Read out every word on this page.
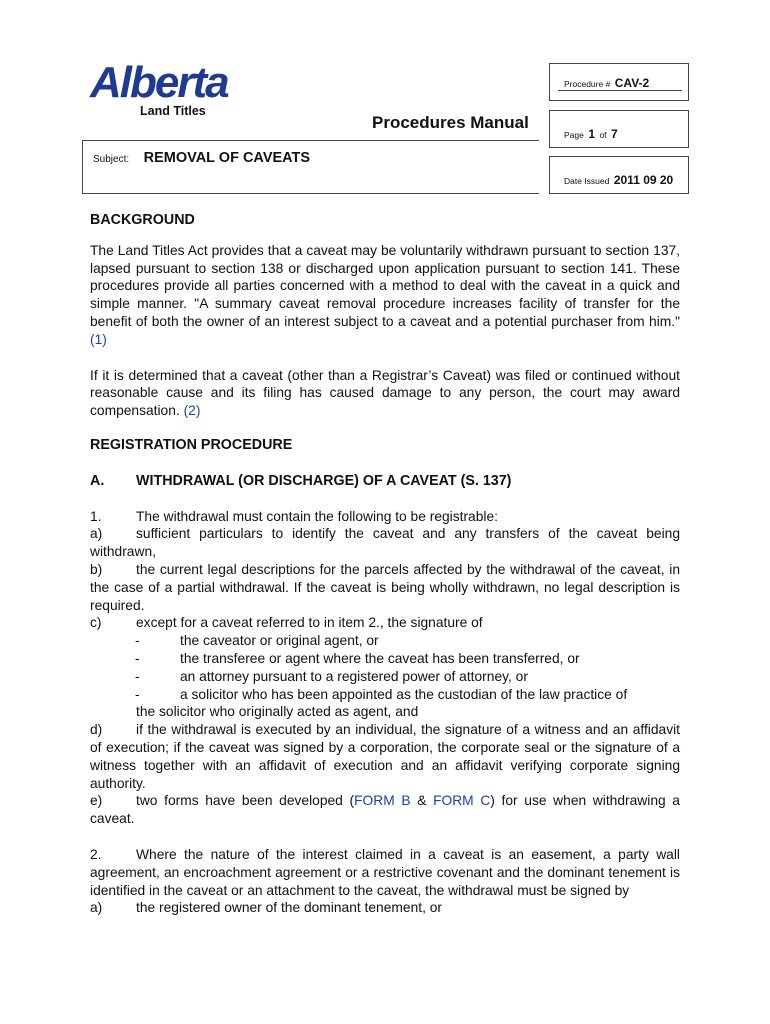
Alberta
Land Titles
Procedures Manual
Procedure # CAV-2
Page 1 of 7
Date Issued 2011 09 20
Subject: REMOVAL OF CAVEATS
BACKGROUND

The Land Titles Act provides that a caveat may be voluntarily withdrawn pursuant to section 137, lapsed pursuant to section 138 or discharged upon application pursuant to section 141. These procedures provide all parties concerned with a method to deal with the caveat in a quick and simple manner. "A summary caveat removal procedure increases facility of transfer for the benefit of both the owner of an interest subject to a caveat and a potential purchaser from him." (1)

If it is determined that a caveat (other than a Registrar’s Caveat) was filed or continued without reasonable cause and its filing has caused damage to any person, the court may award compensation. (2)

REGISTRATION PROCEDURE
A.	WITHDRAWAL (OR DISCHARGE) OF A CAVEAT (S. 137)
1.	The withdrawal must contain the following to be registrable:

a) sufficient particulars to identify the caveat and any transfers of the caveat being withdrawn,

b) the current legal descriptions for the parcels affected by the withdrawal of the caveat, in the case of a partial withdrawal. If the caveat is being wholly withdrawn, no legal description is required.

c)	except for a caveat referred to in item 2., the signature of

-	the caveator or original agent, or
-	the transferee or agent where the caveat has been transferred, or
-	an attorney pursuant to a registered power of attorney, or
-	a solicitor who has been appointed as the custodian of the law practice of
the solicitor who originally acted as agent, and

d) if the withdrawal is executed by an individual, the signature of a witness and an affidavit of execution; if the caveat was signed by a corporation, the corporate seal or the signature of a witness together with an affidavit of execution and an affidavit verifying corporate signing authority.

e) two forms have been developed (FORM B & FORM C) for use when withdrawing a caveat.

2. Where the nature of the interest claimed in a caveat is an easement, a party wall agreement, an encroachment agreement or a restrictive covenant and the dominant tenement is identified in the caveat or an attachment to the caveat, the withdrawal must be signed by

a)	the registered owner of the dominant tenement, or
